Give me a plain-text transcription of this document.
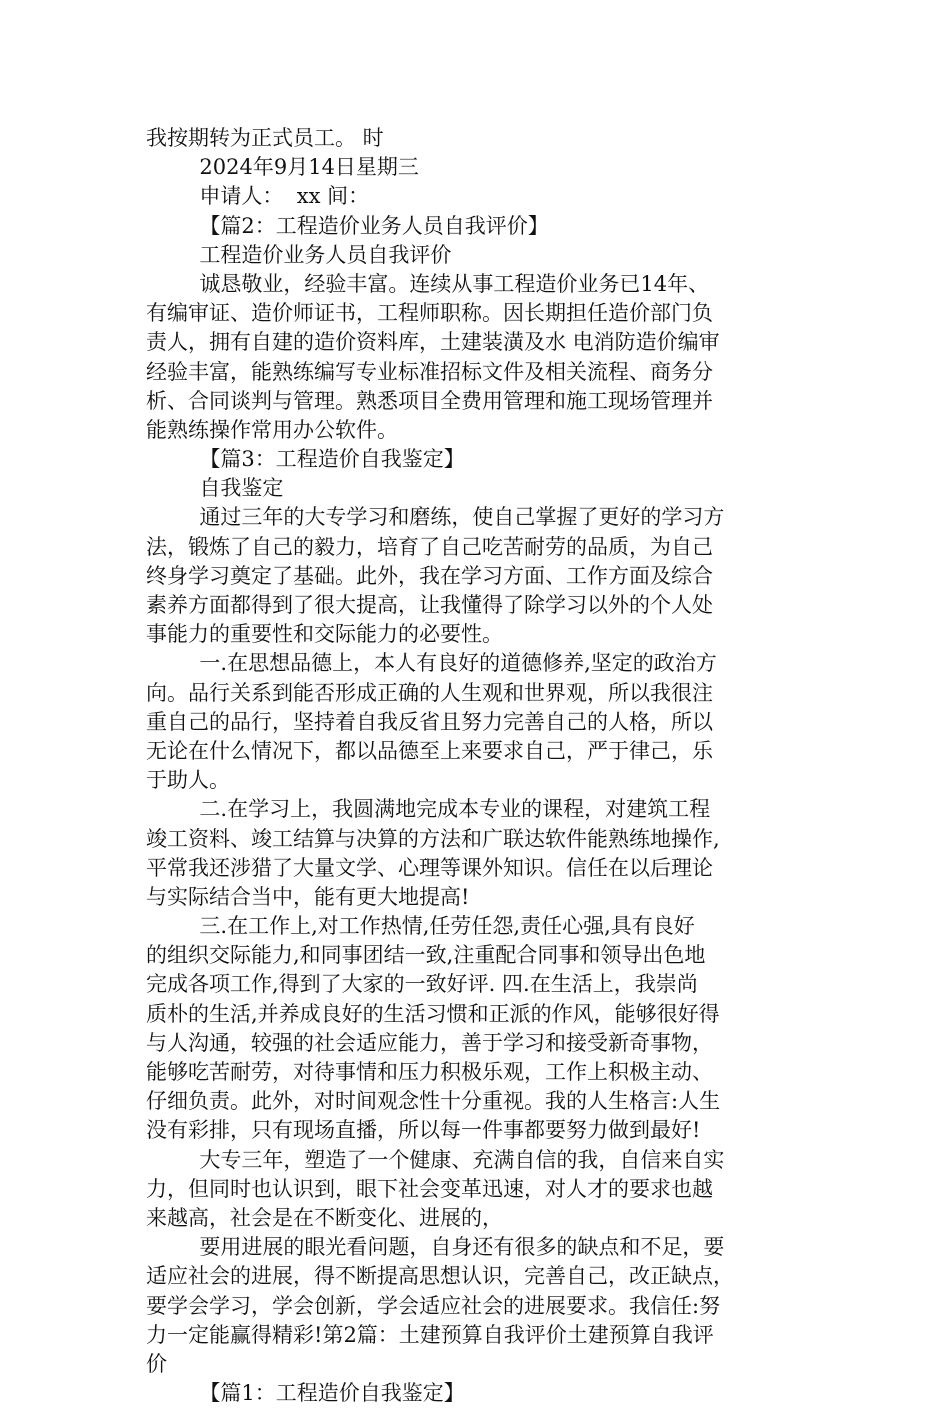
我按期转为正式员工。 时
2024年9月14日星期三
申请人：  xx 间：
【篇2：工程造价业务人员自我评价】
工程造价业务人员自我评价
诚恳敬业，经验丰富。连续从事工程造价业务已14年、
有编审证、造价师证书，工程师职称。因长期担任造价部门负
责人，拥有自建的造价资料库，土建装潢及水 电消防造价编审
经验丰富，能熟练编写专业标准招标文件及相关流程、商务分
析、合同谈判与管理。熟悉项目全费用管理和施工现场管理并
能熟练操作常用办公软件。
【篇3：工程造价自我鉴定】
自我鉴定
通过三年的大专学习和磨练，使自己掌握了更好的学习方
法，锻炼了自己的毅力，培育了自己吃苦耐劳的品质，为自己
终身学习奠定了基础。此外，我在学习方面、工作方面及综合
素养方面都得到了很大提高，让我懂得了除学习以外的个人处
事能力的重要性和交际能力的必要性。
一.在思想品德上，本人有良好的道德修养,坚定的政治方
向。品行关系到能否形成正确的人生观和世界观，所以我很注
重自己的品行，坚持着自我反省且努力完善自己的人格，所以
无论在什么情况下，都以品德至上来要求自己，严于律己，乐
于助人。
二.在学习上，我圆满地完成本专业的课程，对建筑工程
竣工资料、竣工结算与决算的方法和广联达软件能熟练地操作,
平常我还涉猎了大量文学、心理等课外知识。信任在以后理论
与实际结合当中，能有更大地提高!
三.在工作上,对工作热情,任劳任怨,责任心强,具有良好
的组织交际能力,和同事团结一致,注重配合同事和领导出色地
完成各项工作,得到了大家的一致好评. 四.在生活上，我崇尚
质朴的生活,并养成良好的生活习惯和正派的作风，能够很好得
与人沟通，较强的社会适应能力，善于学习和接受新奇事物，
能够吃苦耐劳，对待事情和压力积极乐观，工作上积极主动、
仔细负责。此外，对时间观念性十分重视。我的人生格言:人生
没有彩排，只有现场直播，所以每一件事都要努力做到最好!
大专三年，塑造了一个健康、充满自信的我，自信来自实
力，但同时也认识到，眼下社会变革迅速，对人才的要求也越
来越高，社会是在不断变化、进展的，
要用进展的眼光看问题，自身还有很多的缺点和不足，要
适应社会的进展，得不断提高思想认识，完善自己，改正缺点，
要学会学习，学会创新，学会适应社会的进展要求。我信任:努
力一定能赢得精彩!第2篇：土建预算自我评价土建预算自我评
价
【篇1：工程造价自我鉴定】
